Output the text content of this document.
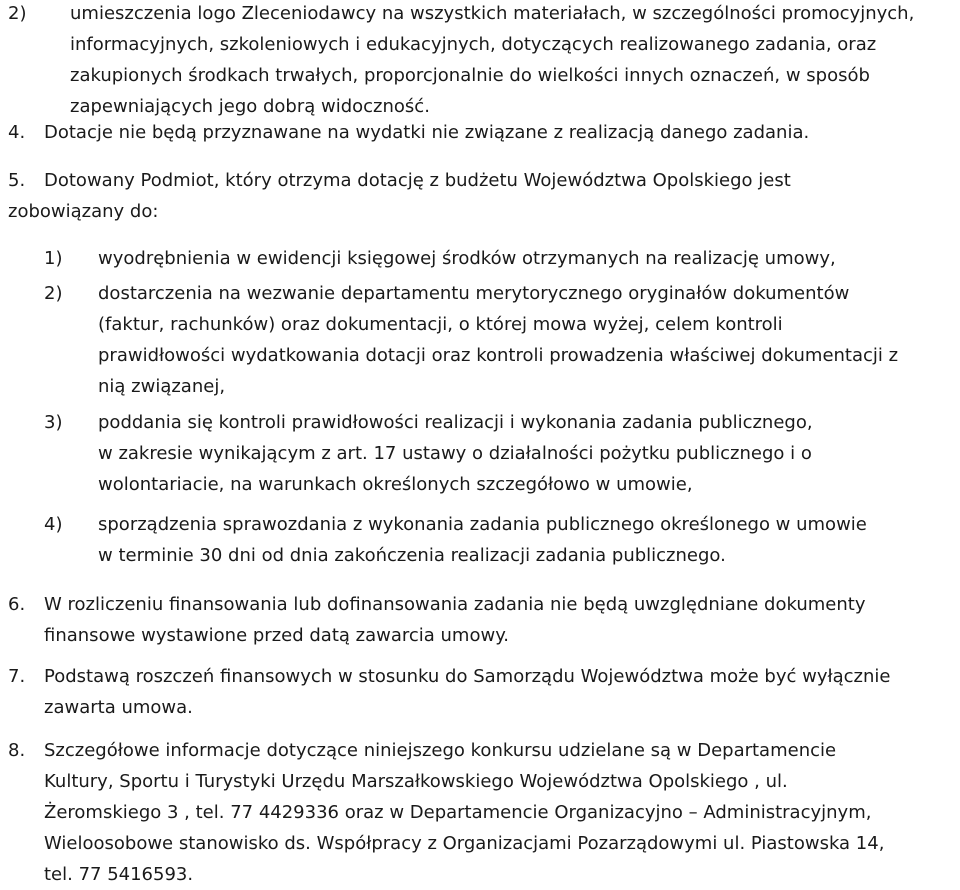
2) umieszczenia logo Zleceniodawcy na wszystkich materiałach, w szczególności promocyjnych,
informacyjnych, szkoleniowych i edukacyjnych, dotyczących realizowanego zadania, oraz
zakupionych środkach trwałych, proporcjonalnie do wielkości innych oznaczeń, w sposób
zapewniających jego dobrą widoczność.
4. Dotacje nie będą przyznawane na wydatki nie związane z realizacją danego zadania.
5. Dotowany Podmiot, który otrzyma dotację z budżetu Województwa Opolskiego jest
zobowiązany do:
1) wyodrębnienia w ewidencji księgowej środków otrzymanych na realizację umowy,
2) dostarczenia na wezwanie departamentu merytorycznego oryginałów dokumentów
(faktur, rachunków) oraz dokumentacji, o której mowa wyżej, celem kontroli
prawidłowości wydatkowania dotacji oraz kontroli prowadzenia właściwej dokumentacji z
nią związanej,
3) poddania się kontroli prawidłowości realizacji i wykonania zadania publicznego,
w zakresie wynikającym z art. 17 ustawy o działalności pożytku publicznego i o
wolontariacie, na warunkach określonych szczegółowo w umowie,
4) sporządzenia sprawozdania z wykonania zadania publicznego określonego w umowie
w terminie 30 dni od dnia zakończenia realizacji zadania publicznego.
6. W rozliczeniu finansowania lub dofinansowania zadania nie będą uwzględniane dokumenty
finansowe wystawione przed datą zawarcia umowy.
7. Podstawą roszczeń finansowych w stosunku do Samorządu Województwa może być wyłącznie
zawarta umowa.
8. Szczegółowe informacje dotyczące niniejszego konkursu udzielane są w Departamencie
Kultury, Sportu i Turystyki Urzędu Marszałkowskiego Województwa Opolskiego , ul.
Żeromskiego 3 , tel. 77 4429336 oraz w Departamencie Organizacyjno – Administracyjnym,
Wieloosobowe stanowisko ds. Współpracy z Organizacjami Pozarządowymi ul. Piastowska 14,
tel. 77 5416593.
